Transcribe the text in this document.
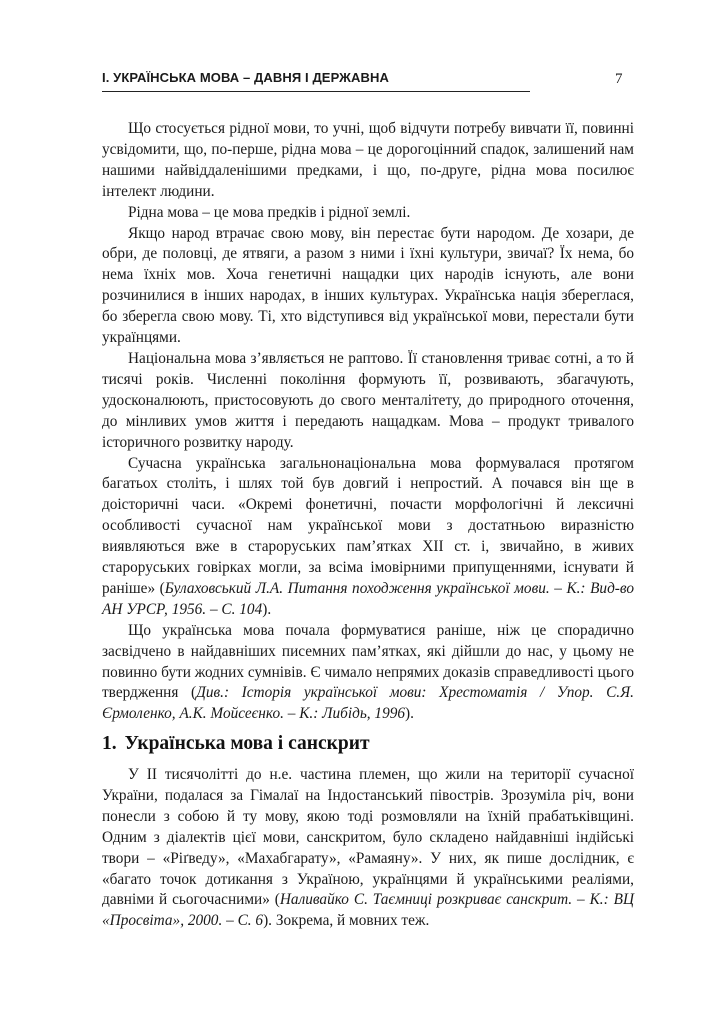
І. УКРАЇНСЬКА МОВА – ДАВНЯ І ДЕРЖАВНА	7

Що стосується рідної мови, то учні, щоб відчути потребу вивчати її, повинні усвідомити, що, по-перше, рідна мова – це дорогоцінний спадок, залишений нам нашими найвіддаленішими предками, і що, по-друге, рідна мова посилює інтелект людини.

Рідна мова – це мова предків і рідної землі.

Якщо народ втрачає свою мову, він перестає бути народом. Де хозари, де обри, де половці, де ятвяги, а разом з ними і їхні культури, звичаї? Їх нема, бо нема їхніх мов. Хоча генетичні нащадки цих народів існують, але вони розчинилися в інших народах, в інших культурах. Українська нація збереглася, бо зберегла свою мову. Ті, хто відступився від української мови, перестали бути українцями.

Національна мова з’являється не раптово. Її становлення триває сотні, а то й тисячі років. Численні покоління формують її, розвивають, збагачують, удосконалюють, пристосовують до свого менталітету, до природного оточення, до мінливих умов життя і передають нащадкам. Мова – продукт тривалого історичного розвитку народу.

Сучасна українська загальнонаціональна мова формувалася протягом багатьох століть, і шлях той був довгий і непростий. А почався він ще в доісторичні часи. «Окремі фонетичні, почасти морфологічні й лексичні особливості сучасної нам української мови з достатньою виразністю виявляються вже в староруських пам’ятках XII ст. і, звичайно, в живих староруських говірках могли, за всіма імовірними припущеннями, існувати й раніше» (Булаховський Л.А. Питання походження української мови. – К.: Вид-во АН УРСР, 1956. – С. 104).

Що українська мова почала формуватися раніше, ніж це спорадично засвідчено в найдавніших писемних пам’ятках, які дійшли до нас, у цьому не повинно бути жодних сумнівів. Є чимало непрямих доказів справедливості цього твердження (Див.: Історія української мови: Хрестоматія / Упор. С.Я. Єрмоленко, А.К. Мойсеєнко. – К.: Либідь, 1996).

1. Українська мова і санскрит

У ІІ тисячолітті до н.е. частина племен, що жили на території сучасної України, подалася за Гімалаї на Індостанський півострів. Зрозуміла річ, вони понесли з собою й ту мову, якою тоді розмовляли на їхній прабатьківщині. Одним з діалектів цієї мови, санскритом, було складено найдавніші індійські твори – «Ріґведу», «Махабгарату», «Рамаяну». У них, як пише дослідник, є «багато точок дотикання з Україною, українцями й українськими реаліями, давніми й сьогочасними» (Наливайко С. Таємниці розкриває санскрит. – К.: ВЦ «Просвіта», 2000. – С. 6). Зокрема, й мовних теж.
